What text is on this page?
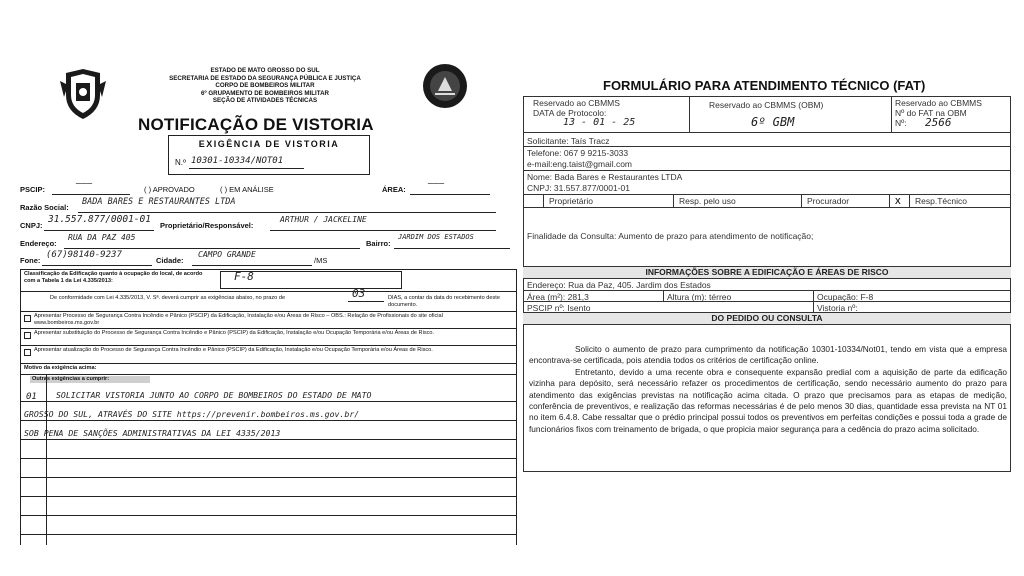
ESTADO DE MATO GROSSO DO SUL
SECRETARIA DE ESTADO DA SEGURANÇA PÚBLICA E JUSTIÇA
CORPO DE BOMBEIROS MILITAR
6º GRUPAMENTO DE BOMBEIROS MILITAR
SEÇÃO DE ATIVIDADES TÉCNICAS
NOTIFICAÇÃO DE VISTORIA
EXIGÊNCIA DE VISTORIA
N.º 10301-10334/NOT01
PSCIP:
———
( ) APROVADO	( ) EM ANÁLISE	ÁREA:
———
Razão Social:
BADA BARES E RESTAURANTES LTDA
CNPJ:
31.557.877/0001-01
Proprietário/Responsável:
ARTHUR / JACKELINE
Endereço:
RUA DA PAZ 405
Bairro:
JARDIM DOS ESTADOS
Fone:
(67)98140-9237
Cidade:
CAMPO GRANDE
/MS
Classificação da Edificação quanto à ocupação do local, de acordo com a Tabela 1 da Lei 4.335/2013:	F-8
De conformidade com Lei 4.335/2013, V. Sª. deverá cumprir as exigências abaixo, no prazo de	03	DIAS, a contar da data do recebimento deste documento.
Apresentar Processo de Segurança Contra Incêndio e Pânico (PSCIP) da Edificação, Instalação e/ou Áreas de Risco – OBS.: Relação de Profissionais do site oficial www.bombeiros.ms.gov.br
Apresentar substituição do Processo de Segurança Contra Incêndio e Pânico (PSCIP) da Edificação, Instalação e/ou Ocupação Temporária e/ou Áreas de Risco.
Apresentar atualização do Processo de Segurança Contra Incêndio e Pânico (PSCIP) da Edificação, Instalação e/ou Ocupação Temporária e/ou Áreas de Risco.
Motivo da exigência acima:
Outras exigências a cumprir:
01 SOLICITAR VISTORIA JUNTO AO CORPO DE BOMBEIROS DO ESTADO DE MATO
GROSSO DO SUL, ATRAVÉS DO SITE https://prevenir.bombeiros.ms.gov.br/
SOB PENA DE SANÇÕES ADMINISTRATIVAS DA LEI 4335/2013
FORMULÁRIO PARA ATENDIMENTO TÉCNICO (FAT)
Reservado ao CBMMS
DATA de Protocolo:
13 - 01 - 25
Reservado ao CBMMS (OBM)
6º GBM
Reservado ao CBMMS
Nº do FAT na OBM
Nº: 2566
Solicitante: Taís Tracz
Telefone: 067 9 9215-3033
e-mail:eng.taist@gmail.com
Nome: Bada Bares e Restaurantes LTDA
CNPJ: 31.557.877/0001-01
Proprietário	Resp. pelo uso	Procurador	X Resp.Técnico
Finalidade da Consulta: Aumento de prazo para atendimento de notificação;
INFORMAÇÕES SOBRE A EDIFICAÇÃO E ÁREAS DE RISCO
Endereço: Rua da Paz, 405. Jardim dos Estados
Área (m²): 281,3	Altura (m): térreo	Ocupação: F-8
PSCIP nº: Isento	Vistoria nº:
DO PEDIDO OU CONSULTA

Solicito o aumento de prazo para cumprimento da notificação 10301-10334/Not01, tendo em vista que a empresa encontrava-se certificada, pois atendia todos os critérios de certificação online.

Entretanto, devido a uma recente obra e consequente expansão predial com a aquisição de parte da edificação vizinha para depósito, será necessário refazer os procedimentos de certificação, sendo necessário aumento do prazo para atendimento das exigências previstas na notificação acima citada. O prazo que precisamos para as etapas de medição, conferência de preventivos, e realização das reformas necessárias é de pelo menos 30 dias, quantidade essa prevista na NT 01 no item 6.4.8. Cabe ressaltar que o prédio principal possui todos os preventivos em perfeitas condições e possui toda a grade de funcionários fixos com treinamento de brigada, o que propicia maior segurança para a cedência do prazo acima solicitado.
